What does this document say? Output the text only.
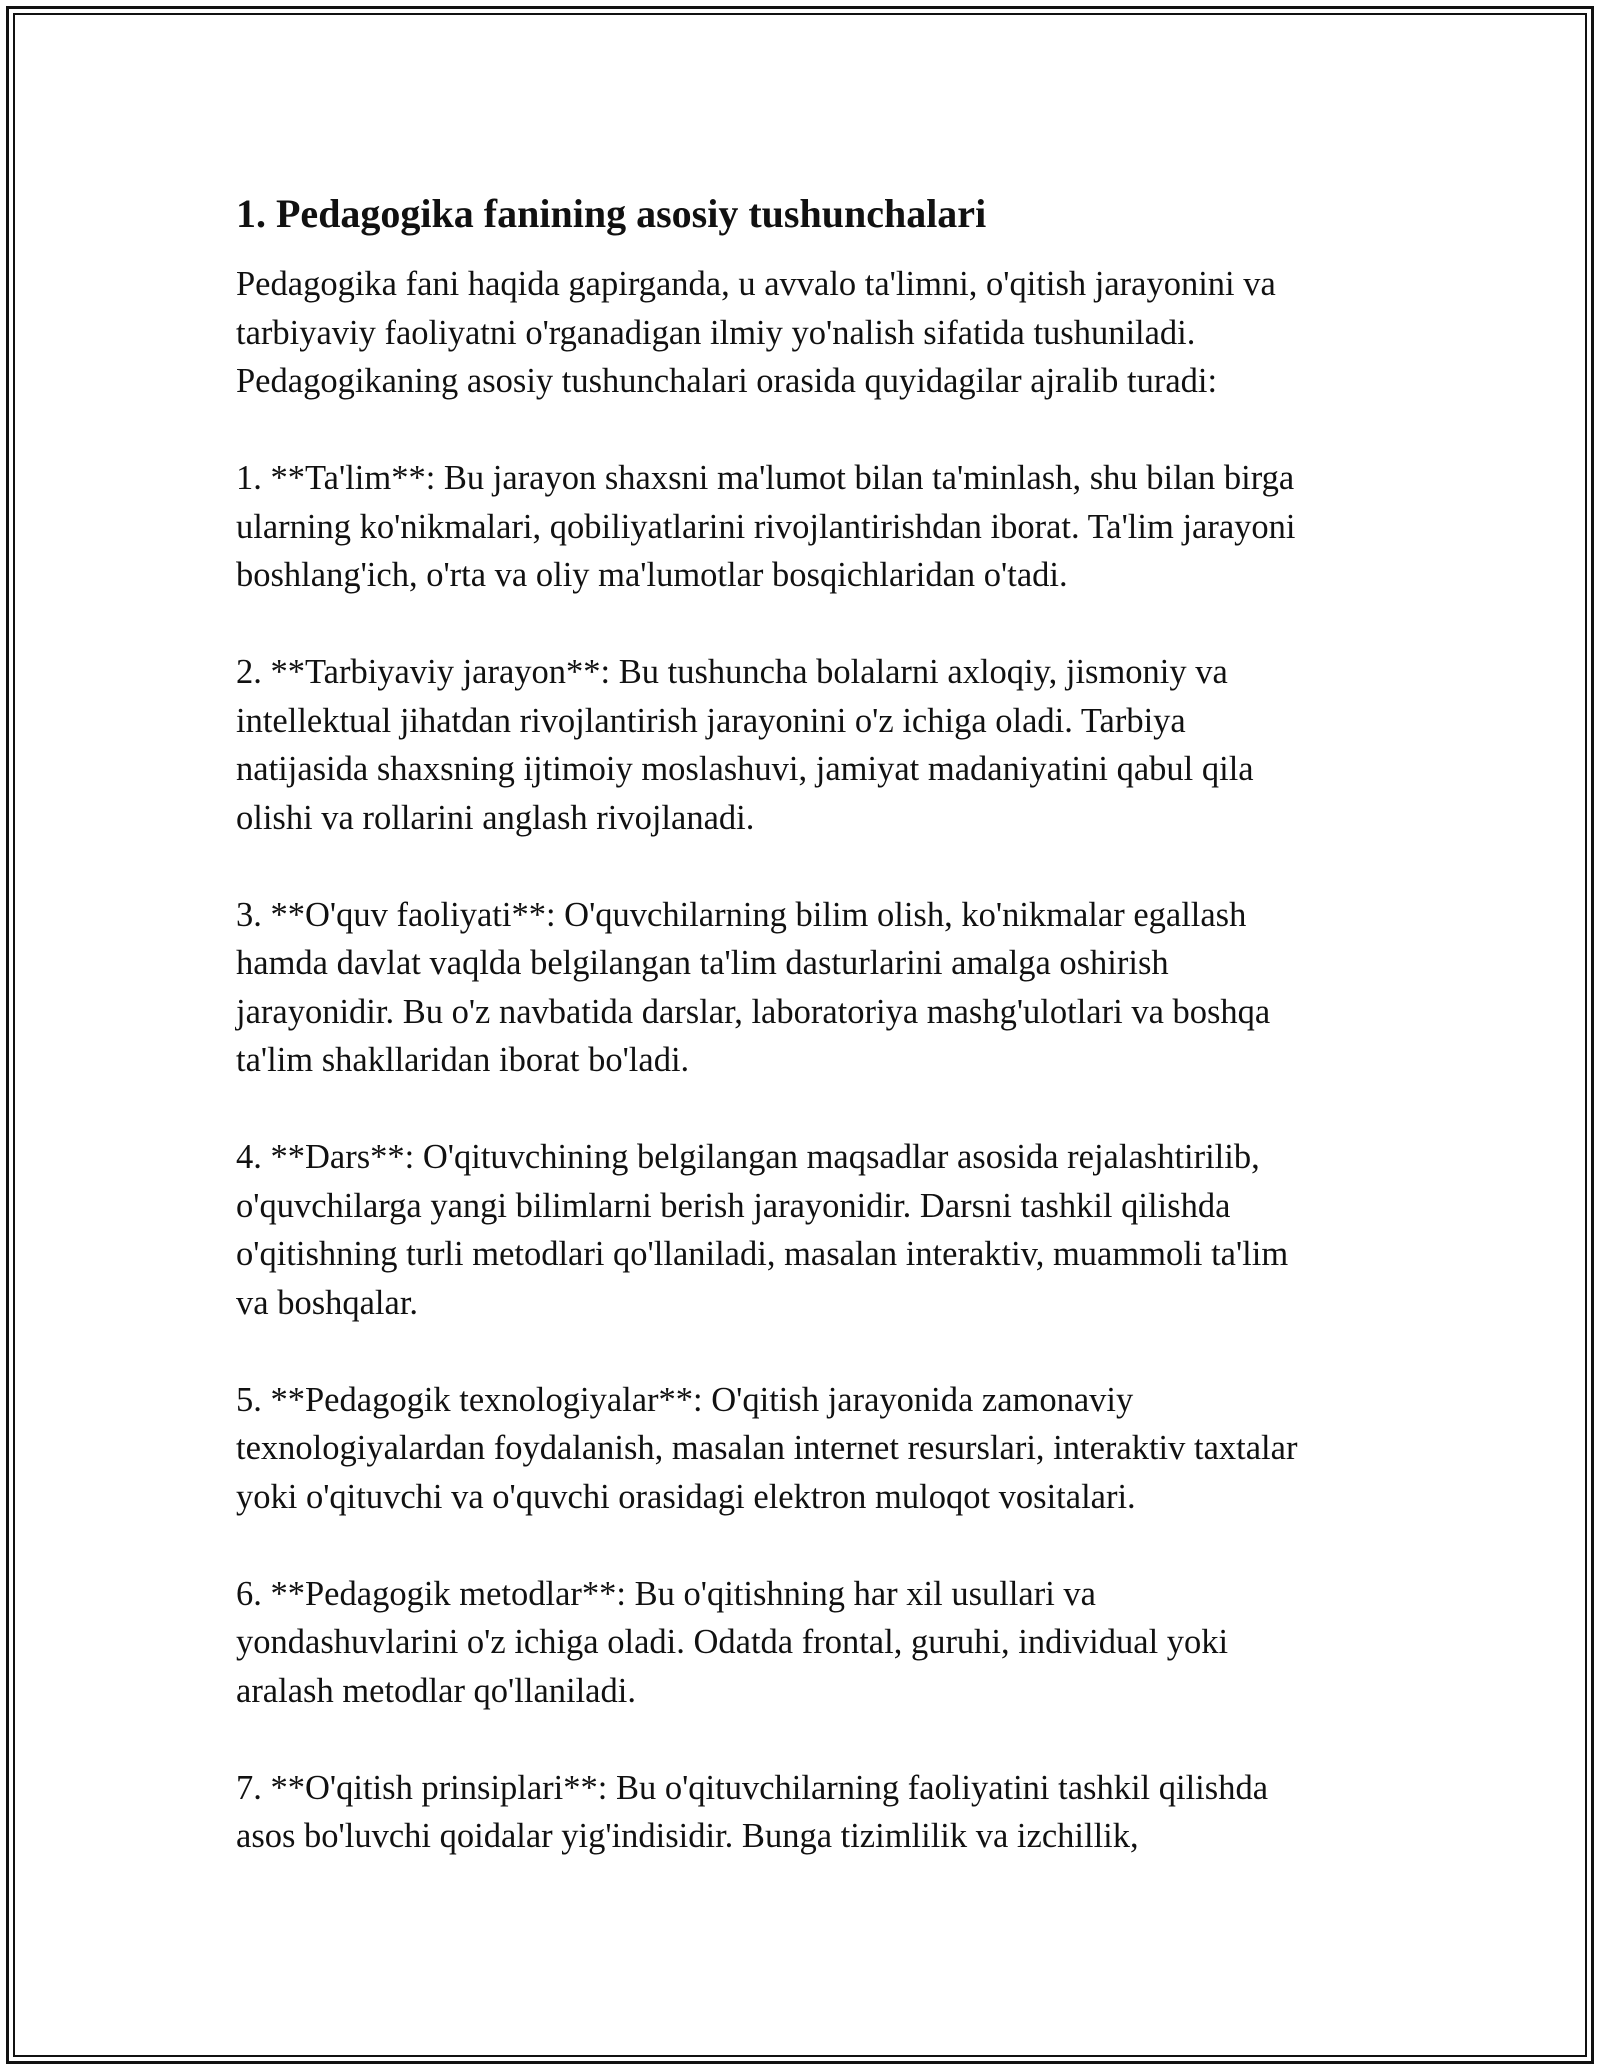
1. Pedagogika fanining asosiy tushunchalari

Pedagogika fani haqida gapirganda, u avvalo ta'limni, o'qitish jarayonini va
tarbiyaviy faoliyatni o'rganadigan ilmiy yo'nalish sifatida tushuniladi.
Pedagogikaning asosiy tushunchalari orasida quyidagilar ajralib turadi:

1. **Ta'lim**: Bu jarayon shaxsni ma'lumot bilan ta'minlash, shu bilan birga
ularning ko'nikmalari, qobiliyatlarini rivojlantirishdan iborat. Ta'lim jarayoni
boshlang'ich, o'rta va oliy ma'lumotlar bosqichlaridan o'tadi.

2. **Tarbiyaviy jarayon**: Bu tushuncha bolalarni axloqiy, jismoniy va
intellektual jihatdan rivojlantirish jarayonini o'z ichiga oladi. Tarbiya
natijasida shaxsning ijtimoiy moslashuvi, jamiyat madaniyatini qabul qila
olishi va rollarini anglash rivojlanadi.

3. **O'quv faoliyati**: O'quvchilarning bilim olish, ko'nikmalar egallash
hamda davlat vaqlda belgilangan ta'lim dasturlarini amalga oshirish
jarayonidir. Bu o'z navbatida darslar, laboratoriya mashg'ulotlari va boshqa
ta'lim shakllaridan iborat bo'ladi.

4. **Dars**: O'qituvchining belgilangan maqsadlar asosida rejalashtirilib,
o'quvchilarga yangi bilimlarni berish jarayonidir. Darsni tashkil qilishda
o'qitishning turli metodlari qo'llaniladi, masalan interaktiv, muammoli ta'lim
va boshqalar.

5. **Pedagogik texnologiyalar**: O'qitish jarayonida zamonaviy
texnologiyalardan foydalanish, masalan internet resurslari, interaktiv taxtalar
yoki o'qituvchi va o'quvchi orasidagi elektron muloqot vositalari.

6. **Pedagogik metodlar**: Bu o'qitishning har xil usullari va
yondashuvlarini o'z ichiga oladi. Odatda frontal, guruhi, individual yoki
aralash metodlar qo'llaniladi.

7. **O'qitish prinsiplari**: Bu o'qituvchilarning faoliyatini tashkil qilishda
asos bo'luvchi qoidalar yig'indisidir. Bunga tizimlilik va izchillik,
